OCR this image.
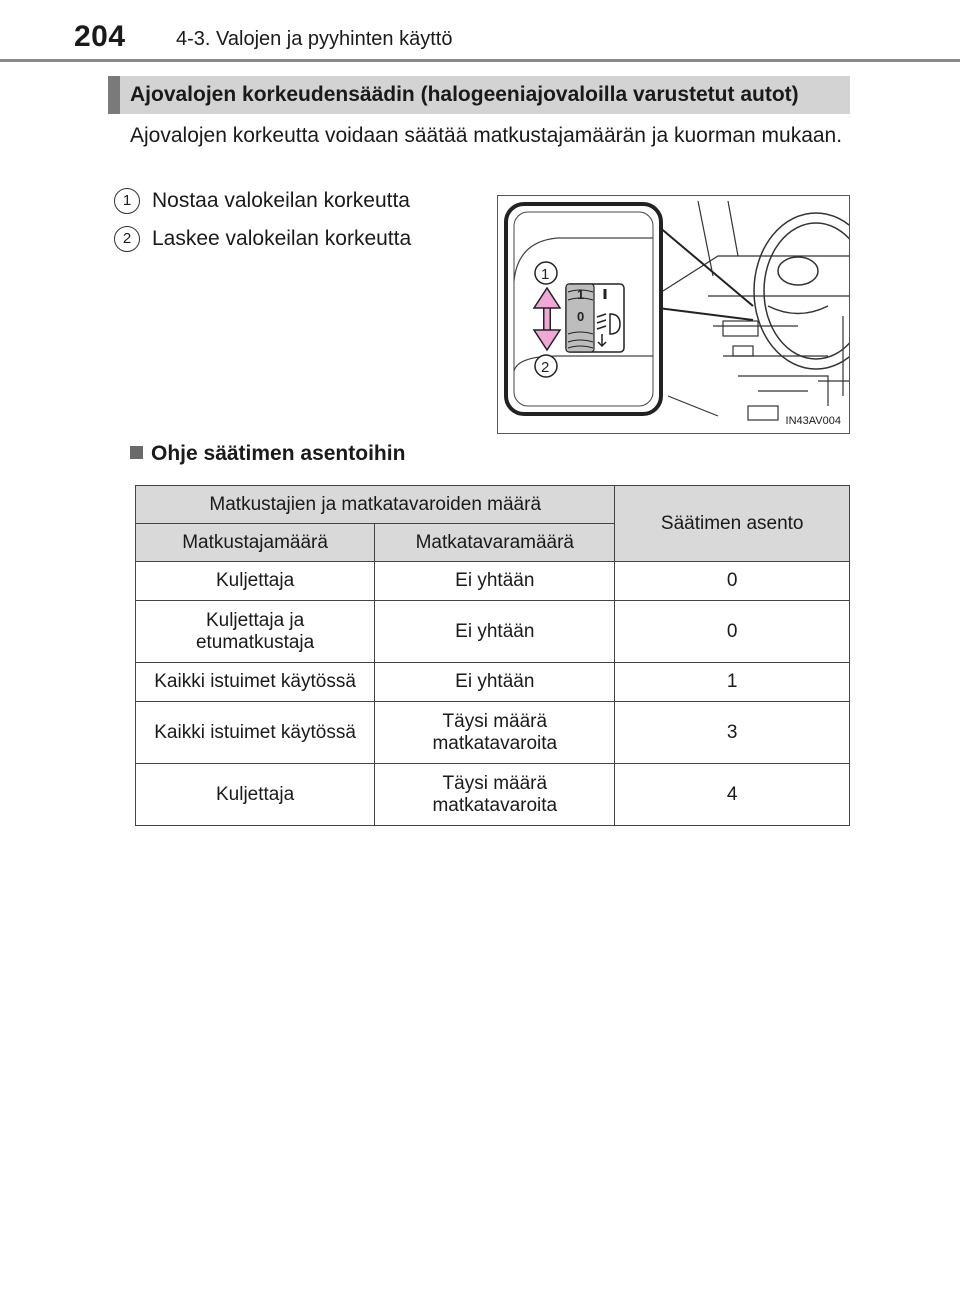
204	4-3. Valojen ja pyyhinten käyttö
Ajovalojen korkeudensäädin (halogeeniajovaloilla varustetut autot)
Ajovalojen korkeutta voidaan säätää matkustajamäärän ja kuorman mukaan.
1 Nostaa valokeilan korkeutta
2 Laskee valokeilan korkeutta
1
0
1
2
IN43AV004
Ohje säätimen asentoihin
Matkustajien ja matkatavaroiden määrä		Säätimen asento
Matkustajamäärä	Matkatavaramäärä	
Kuljettaja	Ei yhtään	0
Kuljettaja ja
etumatkustaja	Ei yhtään	0
Kaikki istuimet käytössä	Ei yhtään	1
Kaikki istuimet käytössä	Täysi määrä
matkatavaroita	3
Kuljettaja	Täysi määrä
matkatavaroita	4
